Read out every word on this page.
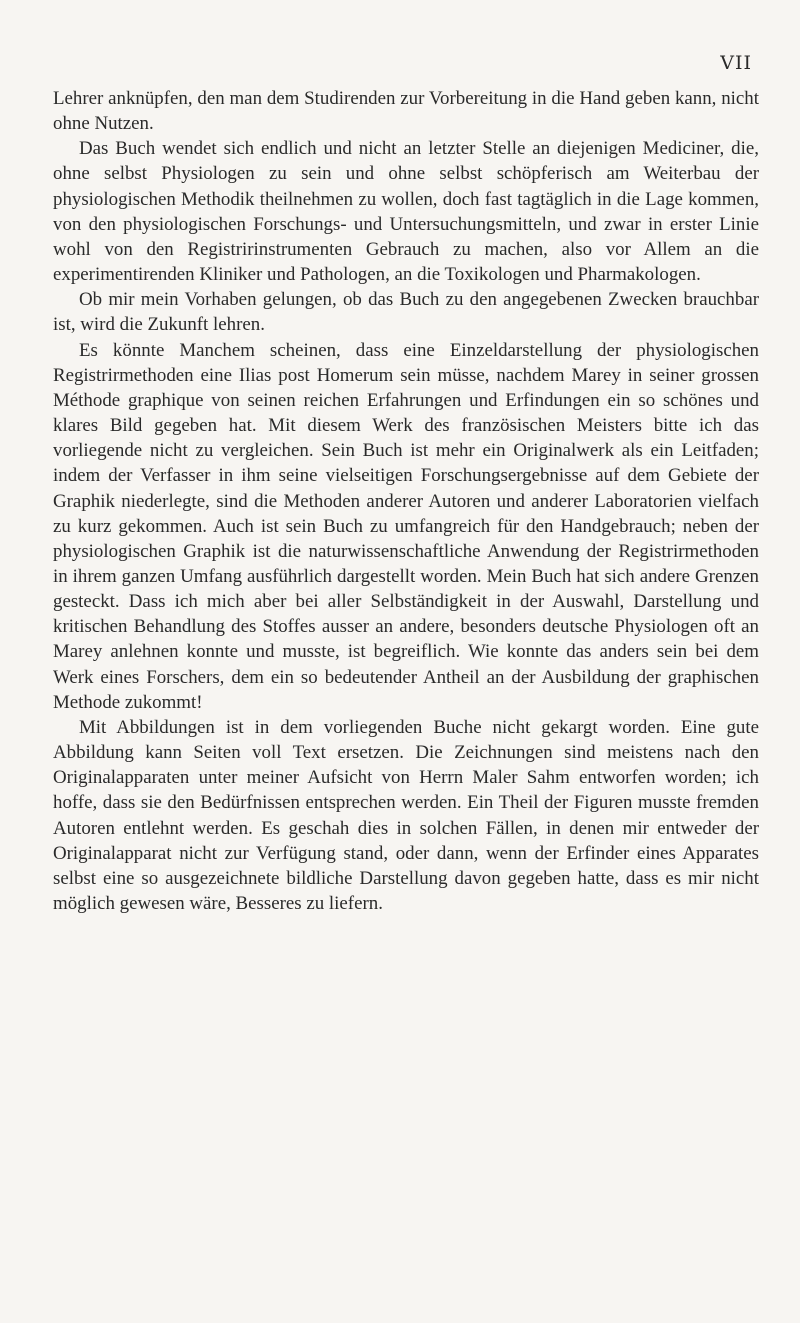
VII

Lehrer anknüpfen, den man dem Studirenden zur Vorbereitung in die Hand geben kann, nicht ohne Nutzen.

Das Buch wendet sich endlich und nicht an letzter Stelle an diejenigen Mediciner, die, ohne selbst Physiologen zu sein und ohne selbst schöpferisch am Weiterbau der physiologischen Methodik theilnehmen zu wollen, doch fast tagtäglich in die Lage kommen, von den physiologischen Forschungs- und Untersuchungsmitteln, und zwar in erster Linie wohl von den Registririnstrumenten Gebrauch zu machen, also vor Allem an die experimentirenden Kliniker und Pathologen, an die Toxikologen und Pharmakologen.

Ob mir mein Vorhaben gelungen, ob das Buch zu den angegebenen Zwecken brauchbar ist, wird die Zukunft lehren.

Es könnte Manchem scheinen, dass eine Einzeldarstellung der physiologischen Registrirmethoden eine Ilias post Homerum sein müsse, nachdem Marey in seiner grossen Méthode graphique von seinen reichen Erfahrungen und Erfindungen ein so schönes und klares Bild gegeben hat. Mit diesem Werk des französischen Meisters bitte ich das vorliegende nicht zu vergleichen. Sein Buch ist mehr ein Originalwerk als ein Leitfaden; indem der Verfasser in ihm seine vielseitigen Forschungsergebnisse auf dem Gebiete der Graphik niederlegte, sind die Methoden anderer Autoren und anderer Laboratorien vielfach zu kurz gekommen. Auch ist sein Buch zu umfangreich für den Handgebrauch; neben der physiologischen Graphik ist die naturwissenschaftliche Anwendung der Registrirmethoden in ihrem ganzen Umfang ausführlich dargestellt worden. Mein Buch hat sich andere Grenzen gesteckt. Dass ich mich aber bei aller Selbständigkeit in der Auswahl, Darstellung und kritischen Behandlung des Stoffes ausser an andere, besonders deutsche Physiologen oft an Marey anlehnen konnte und musste, ist begreiflich. Wie konnte das anders sein bei dem Werk eines Forschers, dem ein so bedeutender Antheil an der Ausbildung der graphischen Methode zukommt!

Mit Abbildungen ist in dem vorliegenden Buche nicht gekargt worden. Eine gute Abbildung kann Seiten voll Text ersetzen. Die Zeichnungen sind meistens nach den Originalapparaten unter meiner Aufsicht von Herrn Maler Sahm entworfen worden; ich hoffe, dass sie den Bedürfnissen entsprechen werden. Ein Theil der Figuren musste fremden Autoren entlehnt werden. Es geschah dies in solchen Fällen, in denen mir entweder der Originalapparat nicht zur Verfügung stand, oder dann, wenn der Erfinder eines Apparates selbst eine so ausgezeichnete bildliche Darstellung davon gegeben hatte, dass es mir nicht möglich gewesen wäre, Besseres zu liefern.
